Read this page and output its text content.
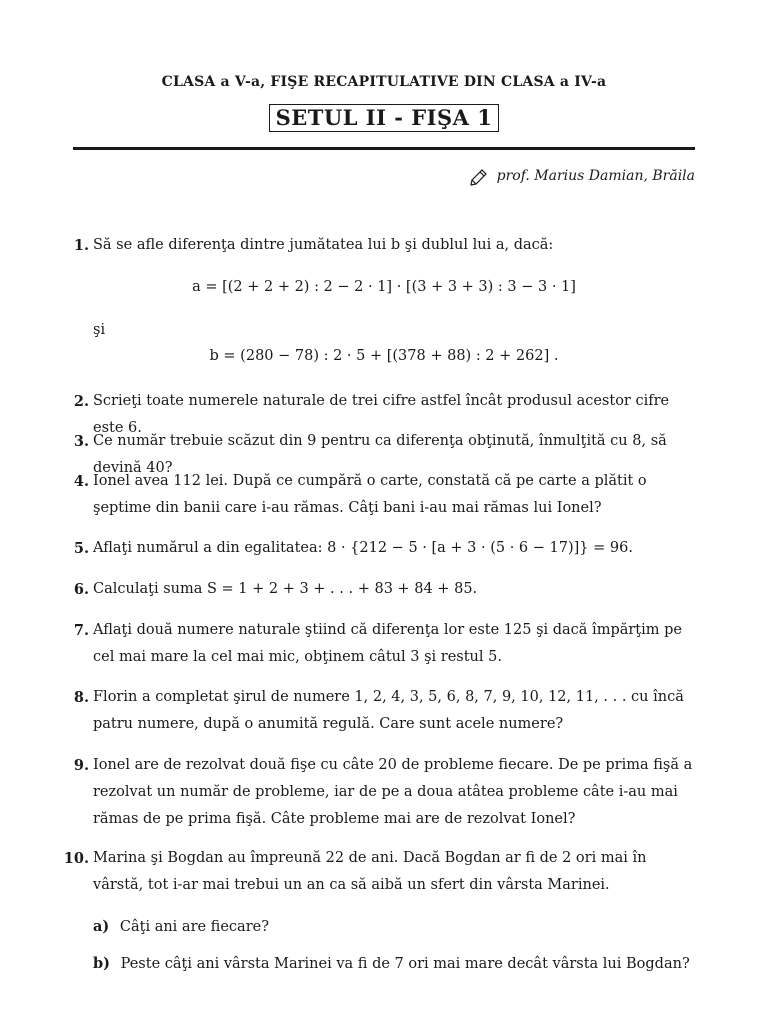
CLASA a V-a, FIŞE RECAPITULATIVE DIN CLASA a IV-a
SETUL II - FIŞA 1
prof. Marius Damian, Brăila
1. Să se afle diferenţa dintre jumătatea lui b şi dublul lui a, dacă:
a = [(2 + 2 + 2) : 2 − 2 · 1] · [(3 + 3 + 3) : 3 − 3 · 1]
şi
b = (280 − 78) : 2 · 5 + [(378 + 88) : 2 + 262] .
2. Scrieţi toate numerele naturale de trei cifre astfel încât produsul acestor cifre este 6.
3. Ce număr trebuie scăzut din 9 pentru ca diferenţa obţinută, înmulţită cu 8, să devină 40?
4. Ionel avea 112 lei. După ce cumpără o carte, constată că pe carte a plătit o şeptime din banii care i-au rămas. Câţi bani i-au mai rămas lui Ionel?
5. Aflaţi numărul a din egalitatea: 8 · {212 − 5 · [a + 3 · (5 · 6 − 17)]} = 96.
6. Calculaţi suma S = 1 + 2 + 3 + . . . + 83 + 84 + 85.
7. Aflaţi două numere naturale ştiind că diferenţa lor este 125 şi dacă împărţim pe cel mai mare la cel mai mic, obţinem câtul 3 şi restul 5.
8. Florin a completat şirul de numere 1, 2, 4, 3, 5, 6, 8, 7, 9, 10, 12, 11, . . . cu încă patru numere, după o anumită regulă. Care sunt acele numere?
9. Ionel are de rezolvat două fişe cu câte 20 de probleme fiecare. De pe prima fişă a rezolvat un număr de probleme, iar de pe a doua atâtea probleme câte i-au mai rămas de pe prima fişă. Câte probleme mai are de rezolvat Ionel?
10. Marina şi Bogdan au împreună 22 de ani. Dacă Bogdan ar fi de 2 ori mai în vârstă, tot i-ar mai trebui un an ca să aibă un sfert din vârsta Marinei.
a) Câţi ani are fiecare?
b) Peste câţi ani vârsta Marinei va fi de 7 ori mai mare decât vârsta lui Bogdan?
